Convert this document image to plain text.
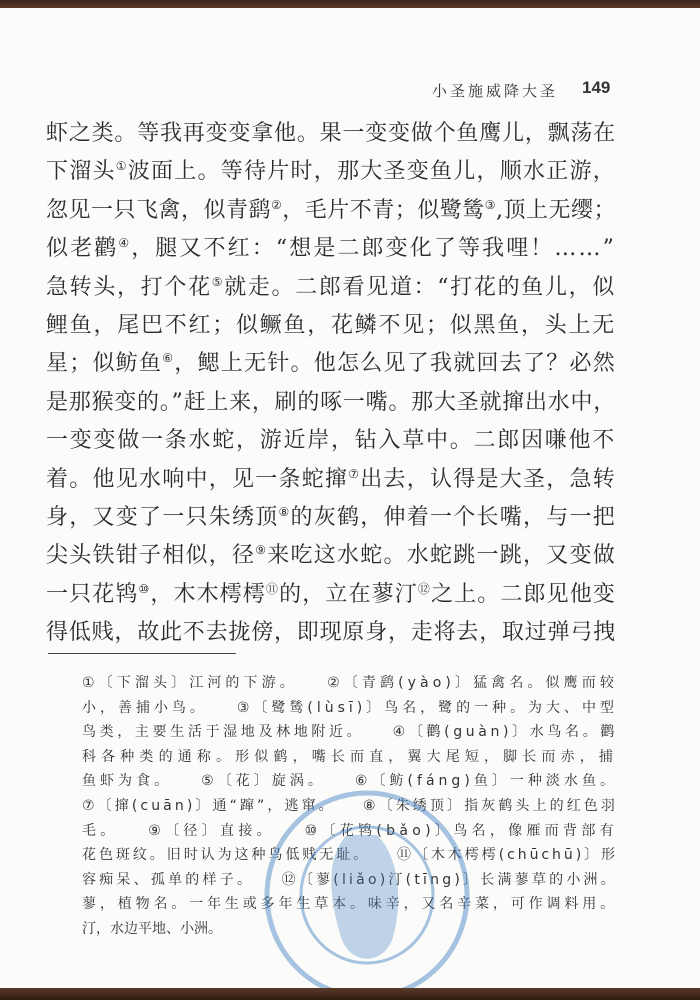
小圣施威降大圣 149
虾之类。等我再变变拿他。果一变变做个鱼鹰儿，飘荡在
下溜头①波面上。等待片时，那大圣变鱼儿，顺水正游，
忽见一只飞禽，似青鹞②，毛片不青；似鹭鸶③,顶上无缨；
似老鹳④，腿又不红：“想是二郎变化了等我哩！……”
急转头，打个花⑤就走。二郎看见道：“打花的鱼儿，似
鲤鱼，尾巴不红；似鳜鱼，花鳞不见；似黑鱼，头上无
星；似鲂鱼⑥，鳃上无针。他怎么见了我就回去了？必然
是那猴变的。”赶上来，刷的啄一嘴。那大圣就撺出水中，
一变变做一条水蛇，游近岸，钻入草中。二郎因嗛他不
着。他见水响中，见一条蛇撺⑦出去，认得是大圣，急转
身，又变了一只朱绣顶⑧的灰鹤，伸着一个长嘴，与一把
尖头铁钳子相似，径⑨来吃这水蛇。水蛇跳一跳，又变做
一只花鸨⑩，木木樗樗⑪的，立在蓼汀⑫之上。二郎见他变
得低贱，故此不去拢傍，即现原身，走将去，取过弹弓拽
①〔下溜头〕江河的下游。　　②〔青鹞(yào)〕猛禽名。似鹰而较
小，善捕小鸟。　　③〔鹭鸶(lùsī)〕鸟名，鹭的一种。为大、中型
鸟类，主要生活于湿地及林地附近。　　④〔鹳(guàn)〕水鸟名。鹳
科各种类的通称。形似鹤，嘴长而直，翼大尾短，脚长而赤，捕
鱼虾为食。　　⑤〔花〕旋涡。　　⑥〔鲂(fáng)鱼〕一种淡水鱼。
⑦〔撺(cuān)〕通“蹿”，逃窜。　　⑧〔朱绣顶〕指灰鹤头上的红色羽
毛。　　⑨〔径〕直接。　　⑩〔花鸨(bǎo)〕鸟名，像雁而背部有
花色斑纹。旧时认为这种鸟低贱无耻。　　⑪〔木木樗樗(chūchū)〕形
容痴呆、孤单的样子。　　⑫〔蓼(liǎo)汀(tīng)〕长满蓼草的小洲。
蓼，植物名。一年生或多年生草本。味辛，又名辛菜，可作调料用。
汀，水边平地、小洲。
